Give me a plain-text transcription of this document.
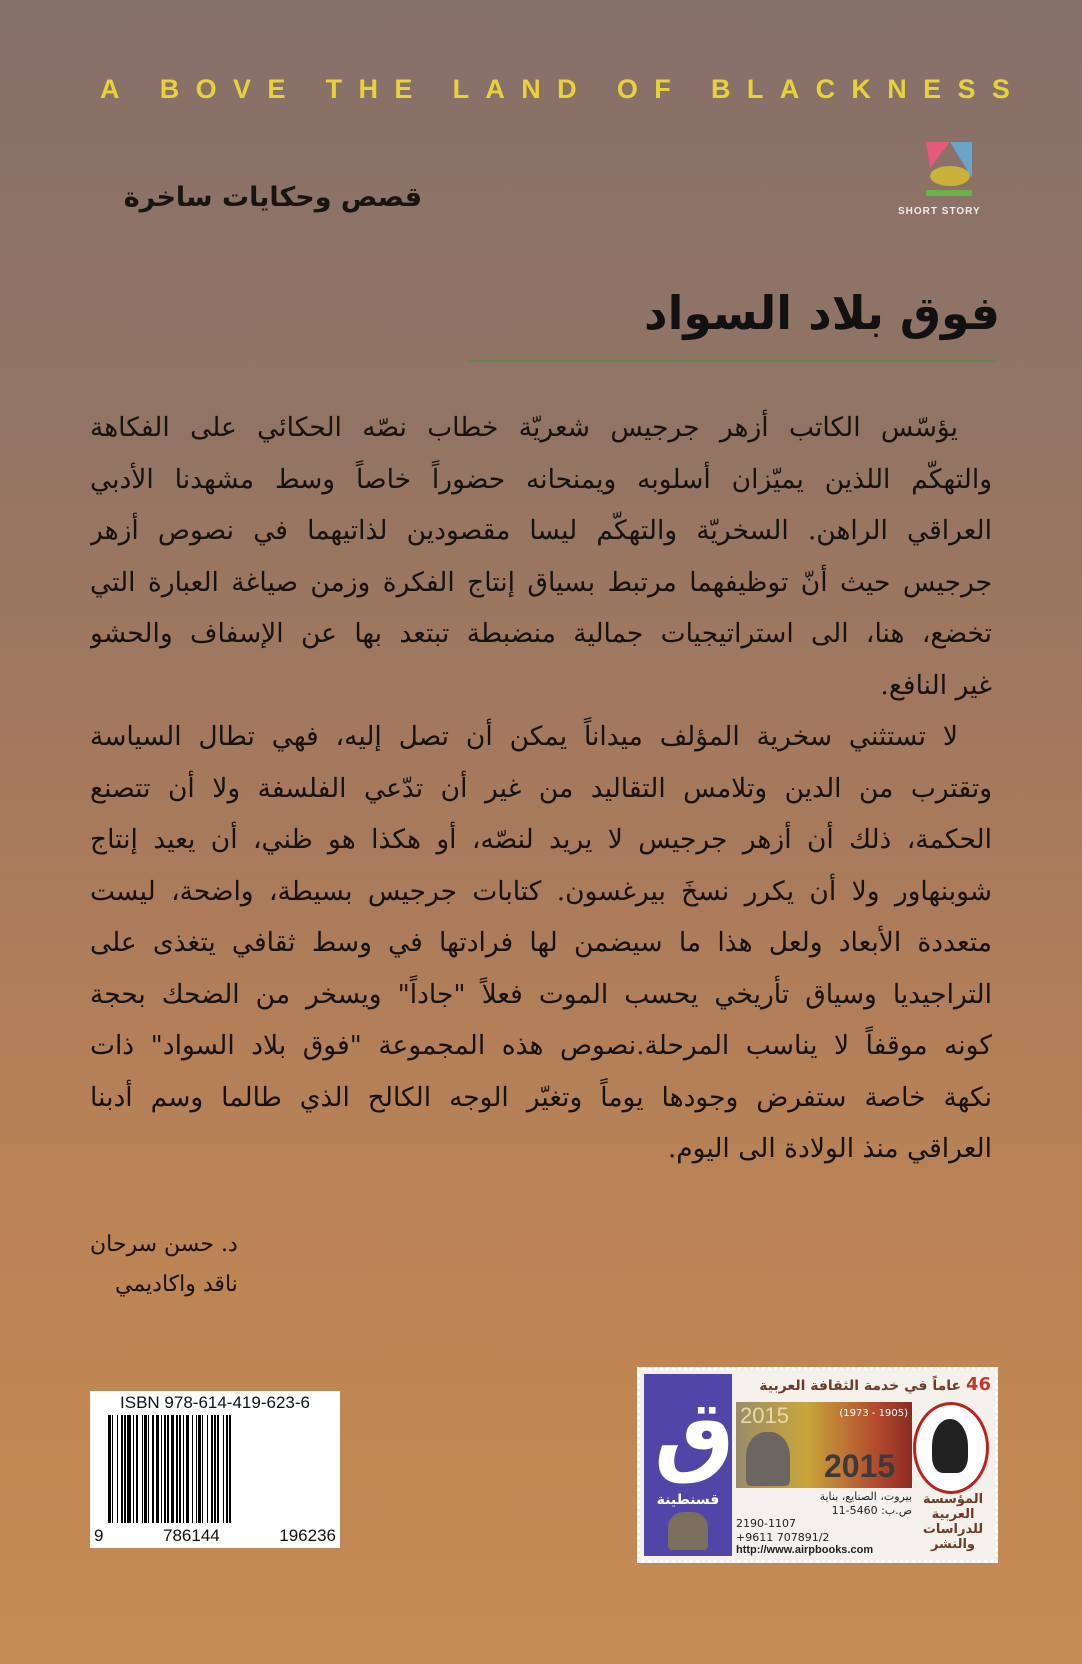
A
B O V E
T H E
L A N D
O F
B L A C K N E S S
قصص وحكايات ساخرة	SHORT STORY
فوق بلاد السواد
يؤسّس الكاتب أزهر جرجيس شعريّة خطاب نصّه الحكائي على الفكاهة
والتهكّم اللذين يميّزان أسلوبه ويمنحانه حضوراً خاصاً وسط مشهدنا الأدبي
العراقي الراهن. السخريّة والتهكّم ليسا مقصودين لذاتيهما في نصوص أزهر
جرجيس حيث أنّ توظيفهما مرتبط بسياق إنتاج الفكرة وزمن صياغة العبارة التي
تخضع، هنا، الى استراتيجيات جمالية منضبطة تبتعد بها عن الإسفاف والحشو
غير النافع.
لا تستثني سخرية المؤلف ميداناً يمكن أن تصل إليه، فهي تطال السياسة
وتقترب من الدين وتلامس التقاليد من غير أن تدّعي الفلسفة ولا أن تتصنع
الحكمة، ذلك أن أزهر جرجيس لا يريد لنصّه، أو هكذا هو ظني، أن يعيد إنتاج
شوبنهاور ولا أن يكرر نسخَ بيرغسون. كتابات جرجيس بسيطة، واضحة، ليست
متعددة الأبعاد ولعل هذا ما سيضمن لها فرادتها في وسط ثقافي يتغذى على
التراجيديا وسياق تأريخي يحسب الموت فعلاً "جاداً" ويسخر من الضحك بحجة
كونه موقفاً لا يناسب المرحلة.نصوص هذه المجموعة "فوق بلاد السواد" ذات
نكهة خاصة ستفرض وجودها يوماً وتغيّر الوجه الكالح الذي طالما وسم أدبنا
العراقي منذ الولادة الى اليوم.
د. حسن سرحان
ناقد واكاديمي
ISBN 978-614-419-623-6
9	786144	196236
ق
قسنطينة
46 عاماً في خدمة الثقافة العربية
2015	(1973 - 1905)
2015
بيروت، الصنايع، بناية
ص.ب: 5460-11
2190-1107
+9611 707891/2
http://www.airpbooks.com
المؤسسة العربية للدراسات والنشر
